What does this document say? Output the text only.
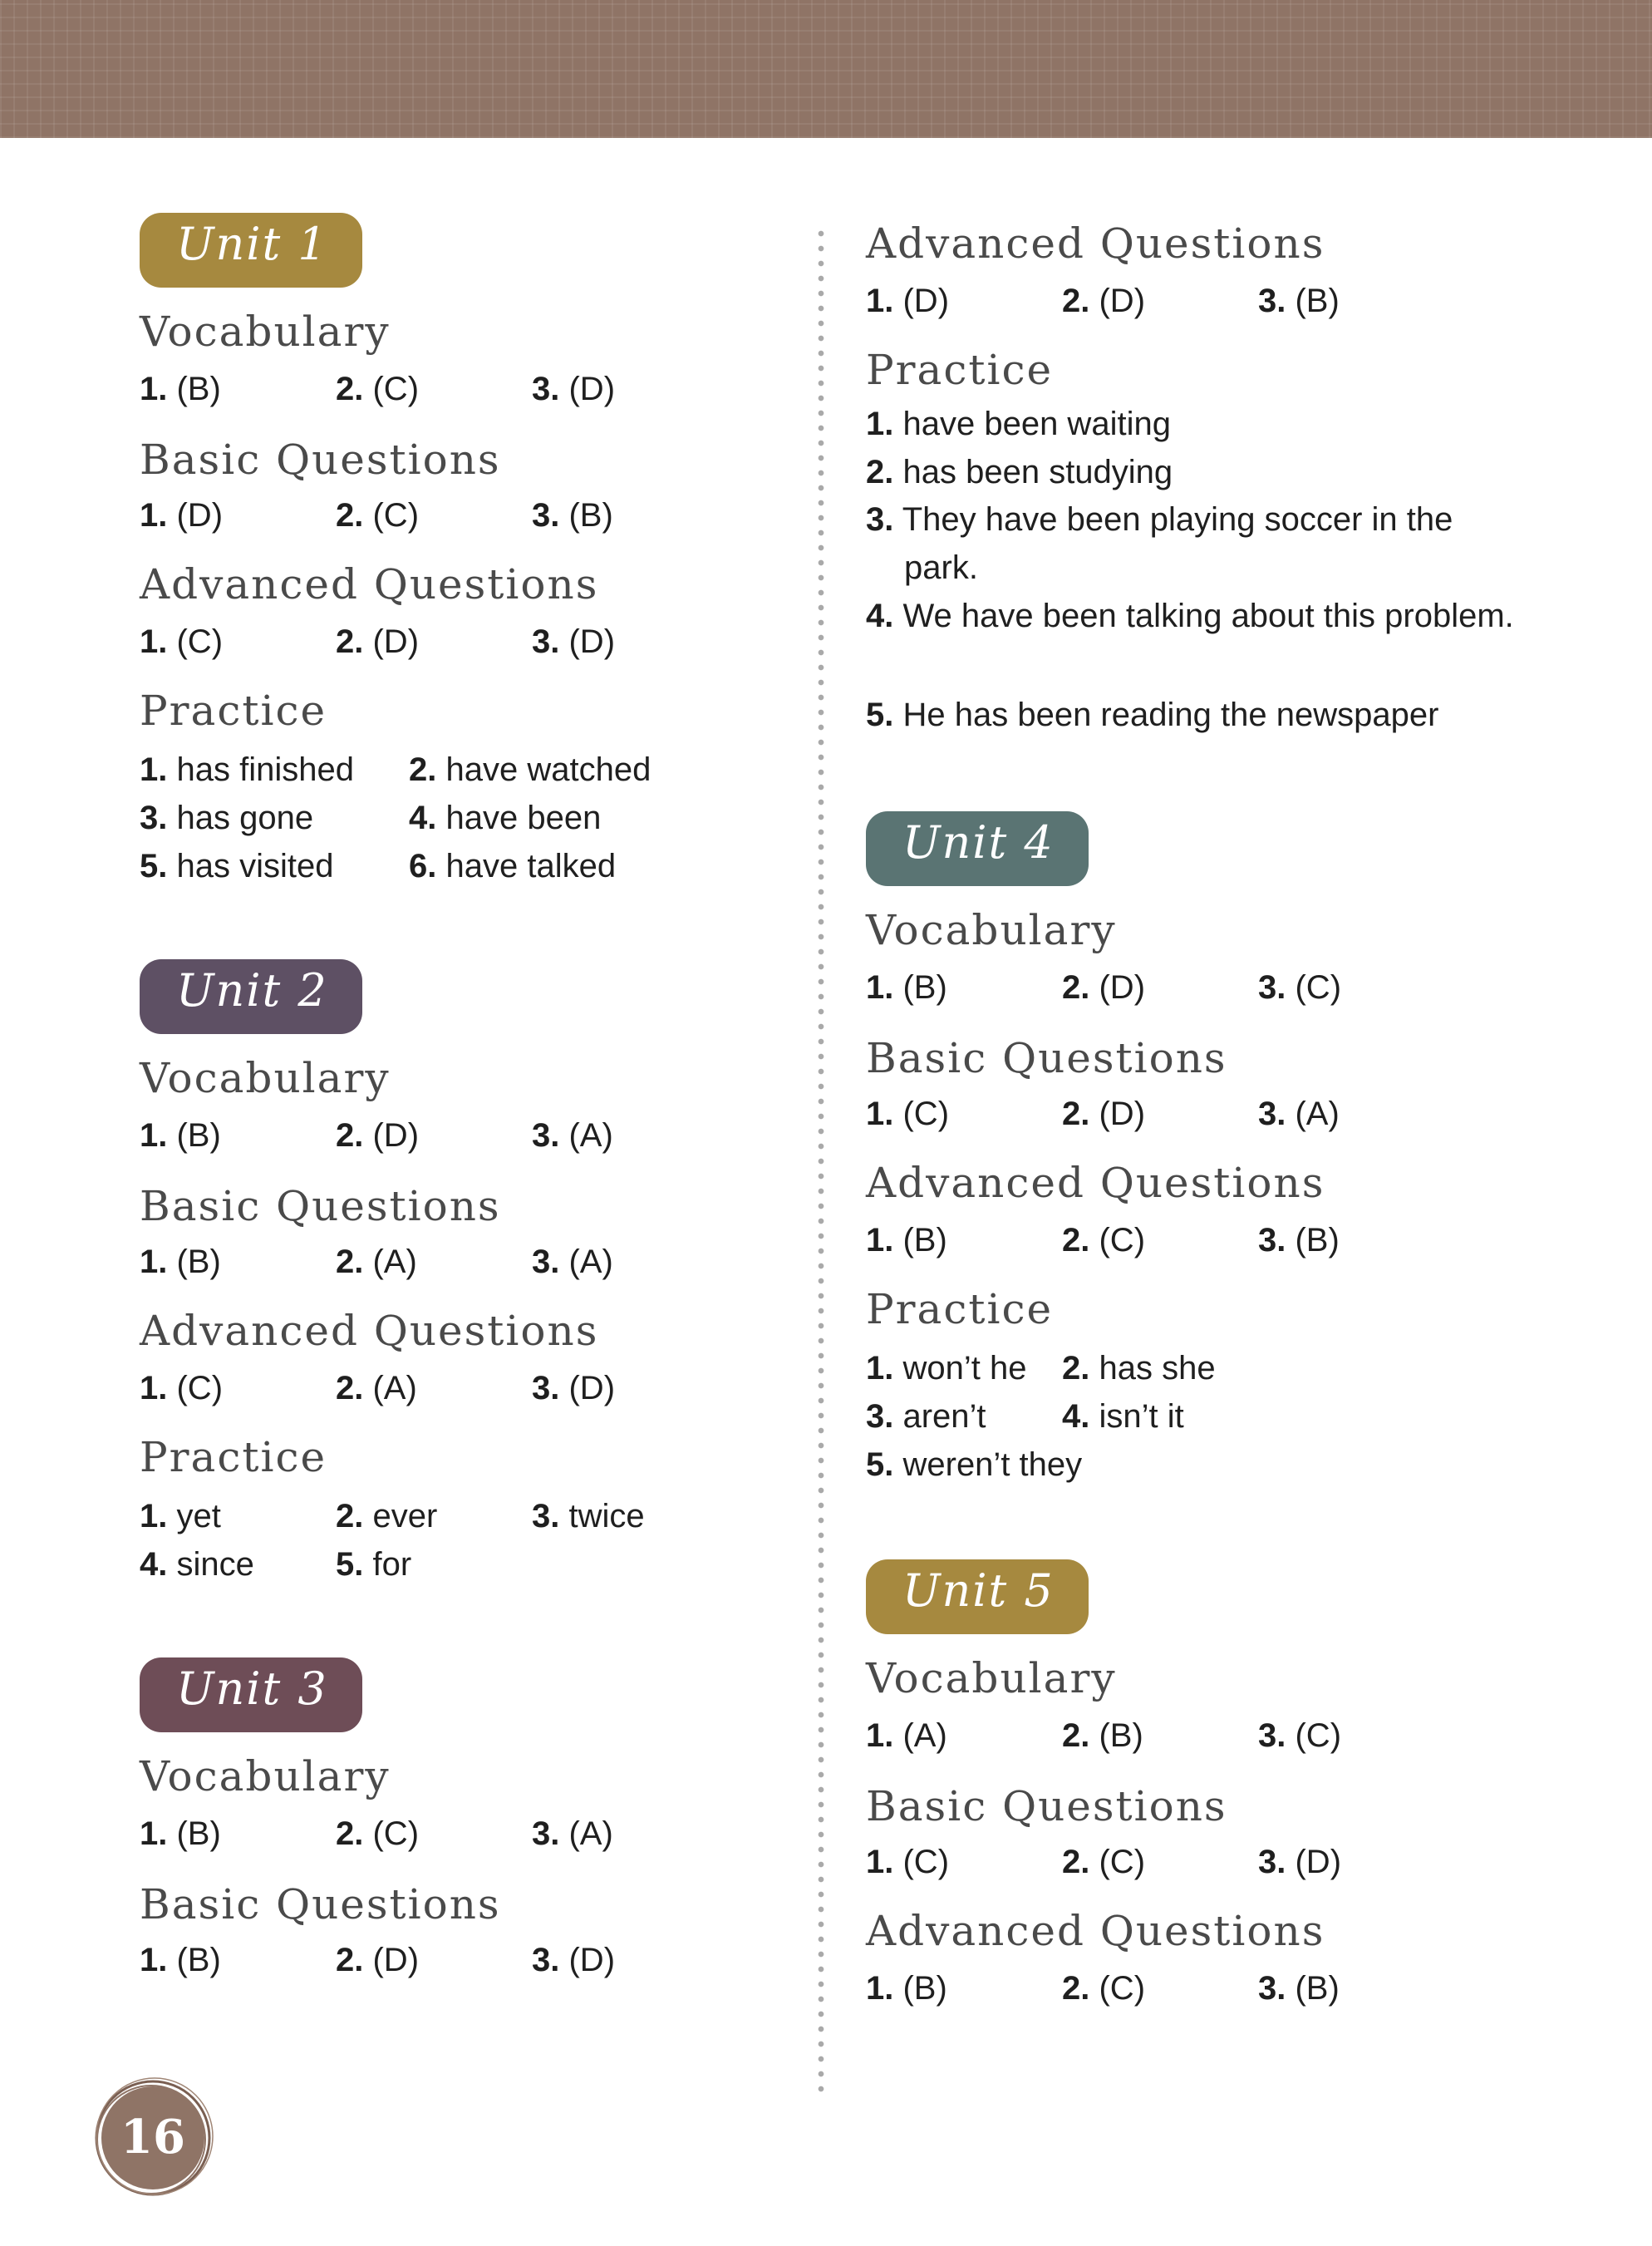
Unit 1
Vocabulary
1. (B)	2. (C)	3. (D)
Basic Questions
1. (D)	2. (C)	3. (B)
Advanced Questions
1. (C)	2. (D)	3. (D)
Practice
1. has finished 2. have watched
3. has gone	4. have been
5. has visited 6. have talked
Unit 2
Vocabulary
1. (B)	2. (D)	3. (A)
Basic Questions
1. (B)	2. (A)	3. (A)
Advanced Questions
1. (C)	2. (A)	3. (D)
Practice
1. yet	2. ever	3. twice
4. since 5. for
Unit 3
Vocabulary
1. (B)	2. (C)	3. (A)
Basic Questions
1. (B)	2. (D)	3. (D)
Advanced Questions
1. (D)	2. (D)	3. (B)
Practice
1. have been waiting
2. has been studying
3. They have been playing soccer in the park.
4. We have been talking about this problem.
5. He has been reading the newspaper
Unit 4
Vocabulary
1. (B)	2. (D)	3. (C)
Basic Questions
1. (C)	2. (D)	3. (A)
Advanced Questions
1. (B)	2. (C)	3. (B)
Practice
1. won’t he 2. has she
3. aren’t 4. isn’t it
5. weren’t they
Unit 5
Vocabulary
1. (A)	2. (B)	3. (C)
Basic Questions
1. (C)	2. (C)	3. (D)
Advanced Questions
1. (B)	2. (C)	3. (B)
16
